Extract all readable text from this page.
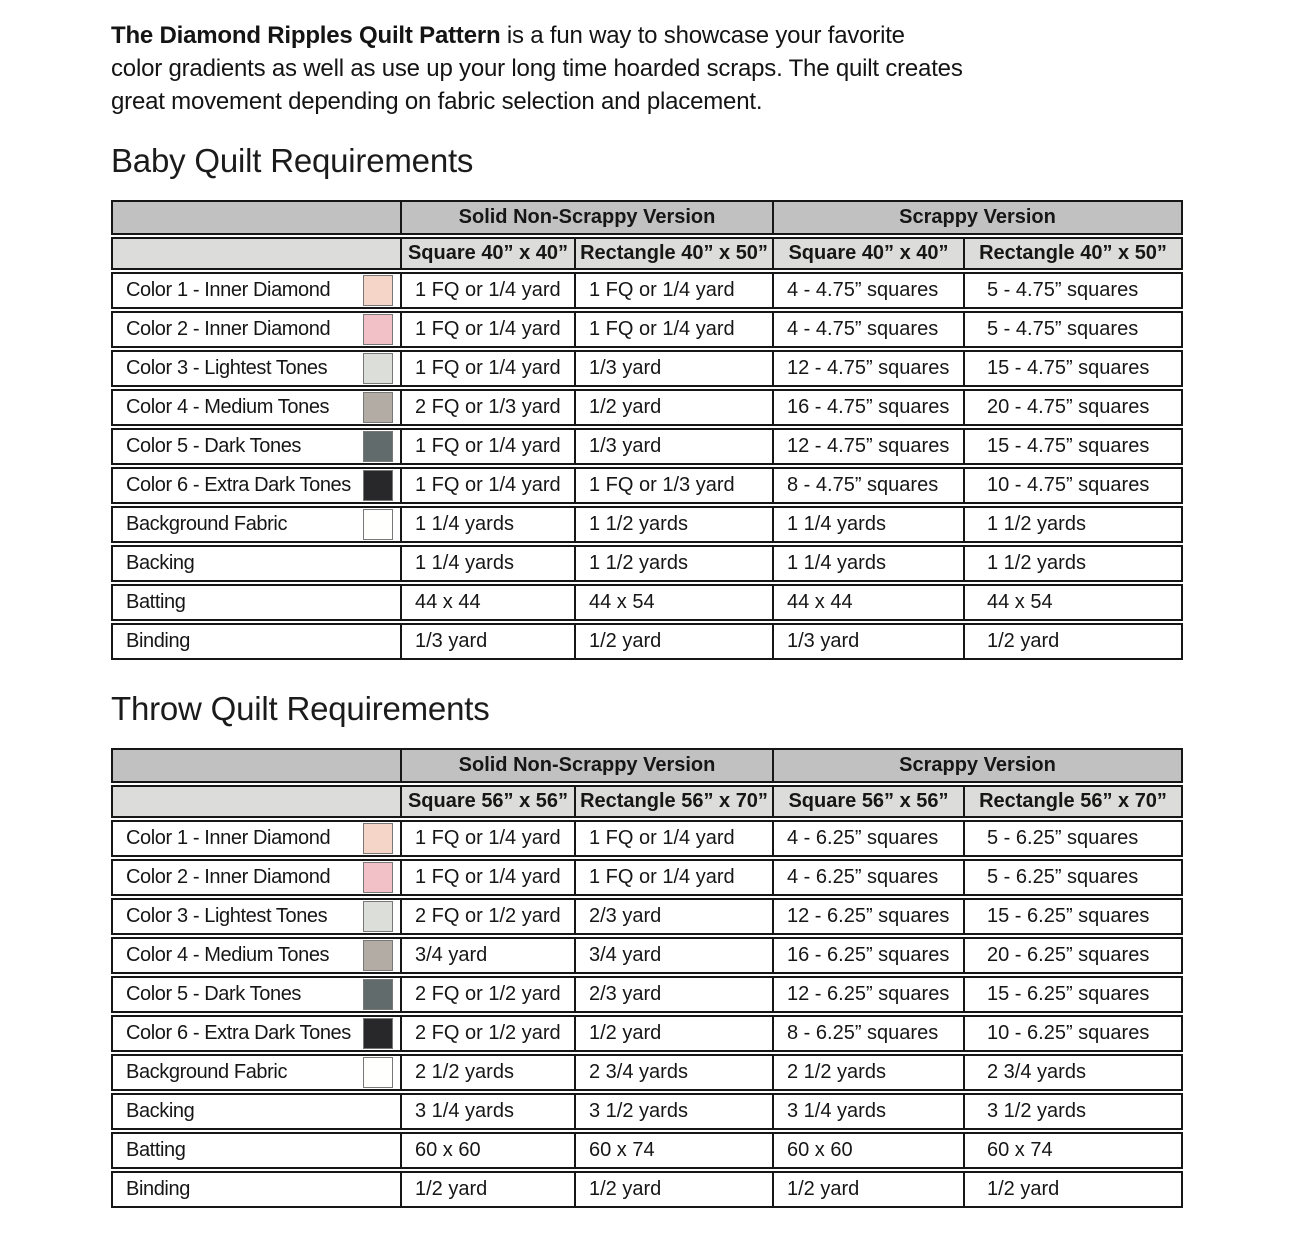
The Diamond Ripples Quilt Pattern is a fun way to showcase your favorite
color gradients as well as use up your long time hoarded scraps. The quilt creates
great movement depending on fabric selection and placement.

Baby Quilt Requirements
	Solid Non-Scrappy Version		Scrappy Version	
	Square 40” x 40”	Rectangle 40” x 50”	Square 40” x 40”	Rectangle 40” x 50”

Color 1 - Inner Diamond	1 FQ or 1/4 yard	1 FQ or 1/4 yard	4 - 4.75” squares	5 - 4.75” squares

Color 2 - Inner Diamond	1 FQ or 1/4 yard	1 FQ or 1/4 yard	4 - 4.75” squares	5 - 4.75” squares

Color 3 - Lightest Tones	1 FQ or 1/4 yard	1/3 yard	12 - 4.75” squares	15 - 4.75” squares

Color 4 - Medium Tones	2 FQ or 1/3 yard	1/2 yard	16 - 4.75” squares	20 - 4.75” squares

Color 5 - Dark Tones	1 FQ or 1/4 yard	1/3 yard	12 - 4.75” squares	15 - 4.75” squares

Color 6 - Extra Dark Tones	1 FQ or 1/4 yard	1 FQ or 1/3 yard	8 - 4.75” squares	10 - 4.75” squares

Background Fabric	1 1/4 yards	1 1/2 yards	1 1/4 yards	1 1/2 yards

Backing	1 1/4 yards	1 1/2 yards	1 1/4 yards	1 1/2 yards

Batting	44 x 44	44 x 54	44 x 44	44 x 54

Binding	1/3 yard	1/2 yard	1/3 yard	1/2 yard
Throw Quilt Requirements
	Solid Non-Scrappy Version		Scrappy Version	
	Square 56” x 56”	Rectangle 56” x 70”	Square 56” x 56”	Rectangle 56” x 70”

Color 1 - Inner Diamond	1 FQ or 1/4 yard	1 FQ or 1/4 yard	4 - 6.25” squares	5 - 6.25” squares

Color 2 - Inner Diamond	1 FQ or 1/4 yard	1 FQ or 1/4 yard	4 - 6.25” squares	5 - 6.25” squares

Color 3 - Lightest Tones	2 FQ or 1/2 yard	2/3 yard	12 - 6.25” squares	15 - 6.25” squares

Color 4 - Medium Tones	3/4 yard	3/4 yard	16 - 6.25” squares	20 - 6.25” squares

Color 5 - Dark Tones	2 FQ or 1/2 yard	2/3 yard	12 - 6.25” squares	15 - 6.25” squares

Color 6 - Extra Dark Tones	2 FQ or 1/2 yard	1/2 yard	8 - 6.25” squares	10 - 6.25” squares

Background Fabric	2 1/2 yards	2 3/4 yards	2 1/2 yards	2 3/4 yards

Backing	3 1/4 yards	3 1/2 yards	3 1/4 yards	3 1/2 yards

Batting	60 x 60	60 x 74	60 x 60	60 x 74

Binding	1/2 yard	1/2 yard	1/2 yard	1/2 yard
